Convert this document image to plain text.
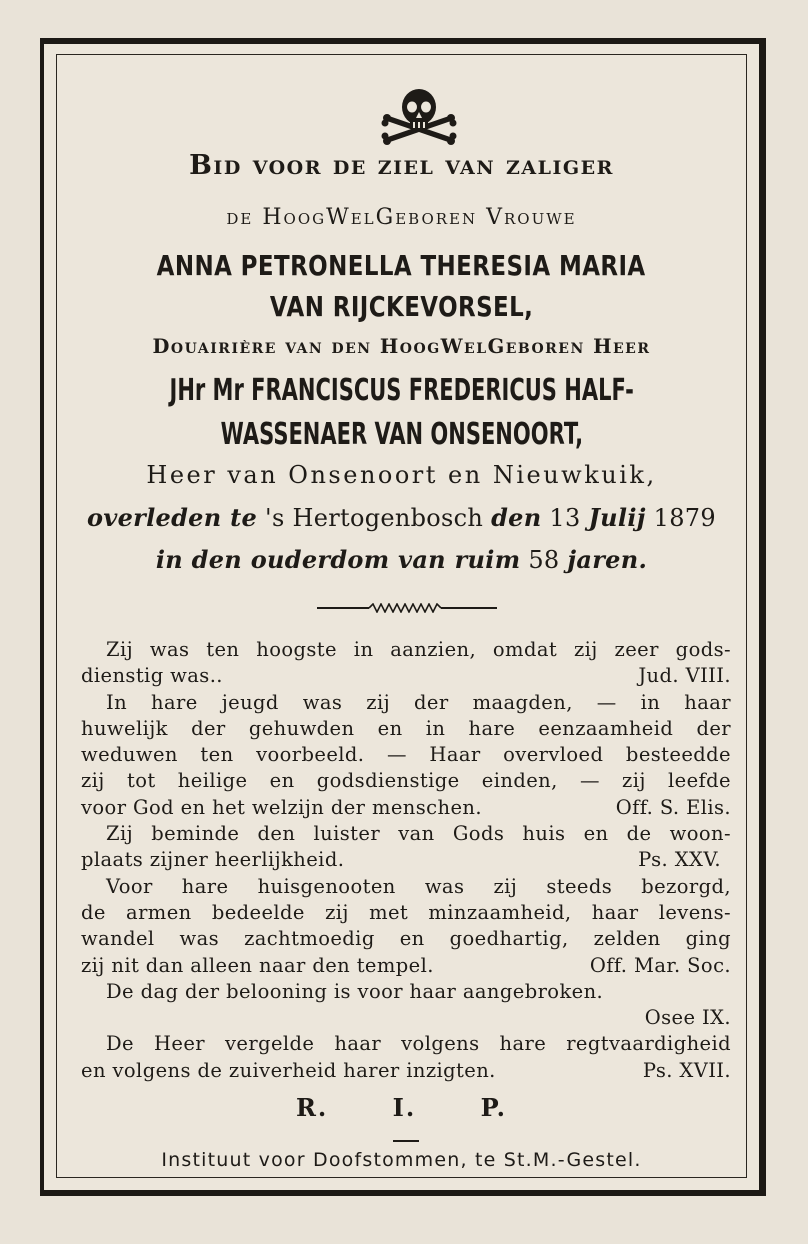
Bid voor de ziel van zaliger
de HoogWelGeboren Vrouwe
ANNA PETRONELLA THERESIA MARIA
VAN RIJCKEVORSEL,
Douairière van den HoogWelGeboren Heer
JHr Mr FRANCISCUS FREDERICUS HALF-
WASSENAER VAN ONSENOORT,
Heer van Onsenoort en Nieuwkuik,
overleden te 's Hertogenbosch den 13 Julij 1879
in den ouderdom van ruim 58 jaren.
Zij was ten hoogste in aanzien, omdat zij zeer gods-
dienstig was..	Jud. VIII.
In hare jeugd was zij der maagden, — in haar
huwelijk der gehuwden en in hare eenzaamheid der
weduwen ten voorbeeld. — Haar overvloed besteedde
zij tot heilige en godsdienstige einden, — zij leefde
voor God en het welzijn der menschen.	Off. S. Elis.
Zij beminde den luister van Gods huis en de woon-
plaats zijner heerlijkheid.	Ps. XXV.
Voor hare huisgenooten was zij steeds bezorgd,
de armen bedeelde zij met minzaamheid, haar levens-
wandel was zachtmoedig en goedhartig, zelden ging
zij nit dan alleen naar den tempel.	Off. Mar. Soc.
De dag der belooning is voor haar aangebroken.
Osee IX.
De Heer vergelde haar volgens hare regtvaardigheid
en volgens de zuiverheid harer inzigten.	Ps. XVII.
R.	I.	P.
Instituut voor Doofstommen, te St.M.-Gestel.
